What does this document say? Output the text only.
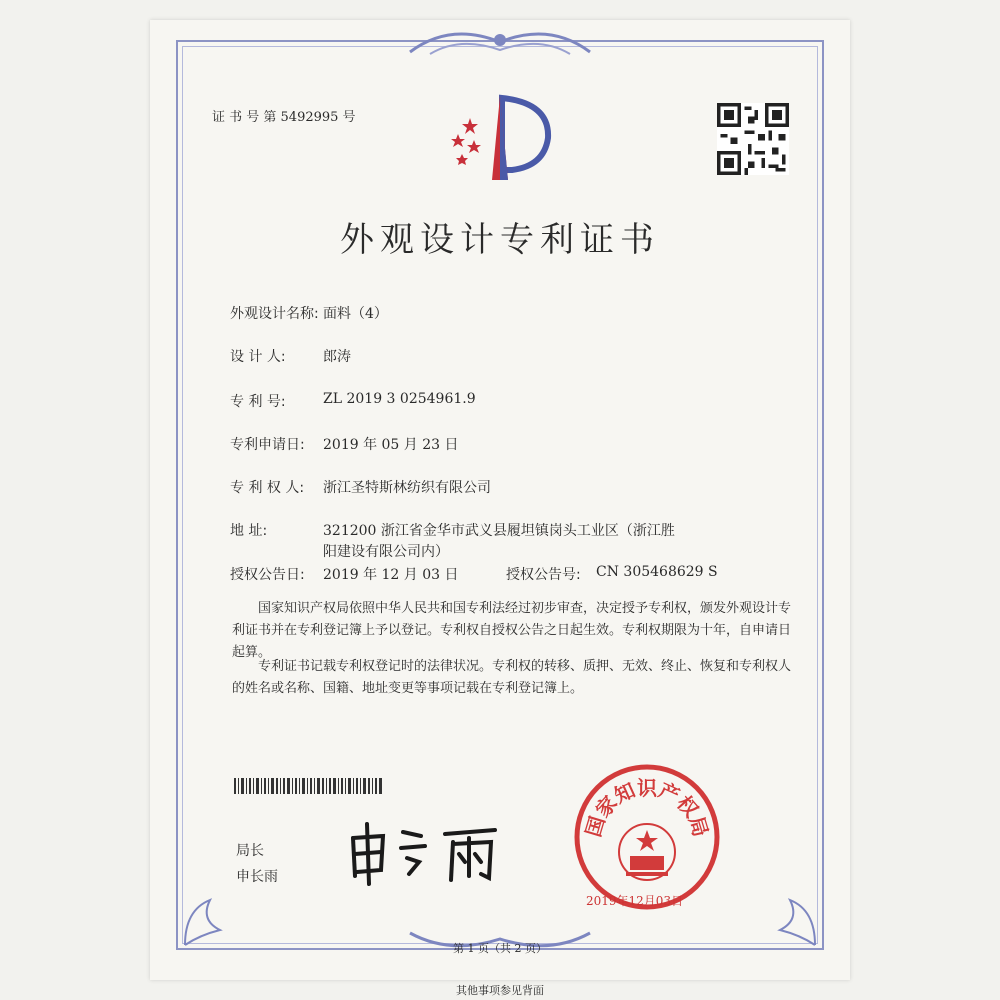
证 书 号 第 5492995 号
外观设计专利证书
外观设计名称: 面料（4）
设 计 人:	郎涛
专 利 号:	ZL 2019 3 0254961.9
专利申请日: 2019 年 05 月 23 日
专 利 权 人: 浙江圣特斯林纺织有限公司
地 址:	321200 浙江省金华市武义县履坦镇岗头工业区（浙江胜
阳建设有限公司内）
授权公告日: 2019 年 12 月 03 日	授权公告号: CN 305468629 S
国家知识产权局依照中华人民共和国专利法经过初步审查，决定授予专利权，颁发外观设计专利证书并在专利登记簿上予以登记。专利权自授权公告之日起生效。专利权期限为十年，自申请日起算。
专利证书记载专利权登记时的法律状况。专利权的转移、质押、无效、终止、恢复和专利权人的姓名或名称、国籍、地址变更等事项记载在专利登记簿上。
局长
申长雨
国家知识产权局
2019年12月03日
第 1 页（共 2 页）
其他事项参见背面
